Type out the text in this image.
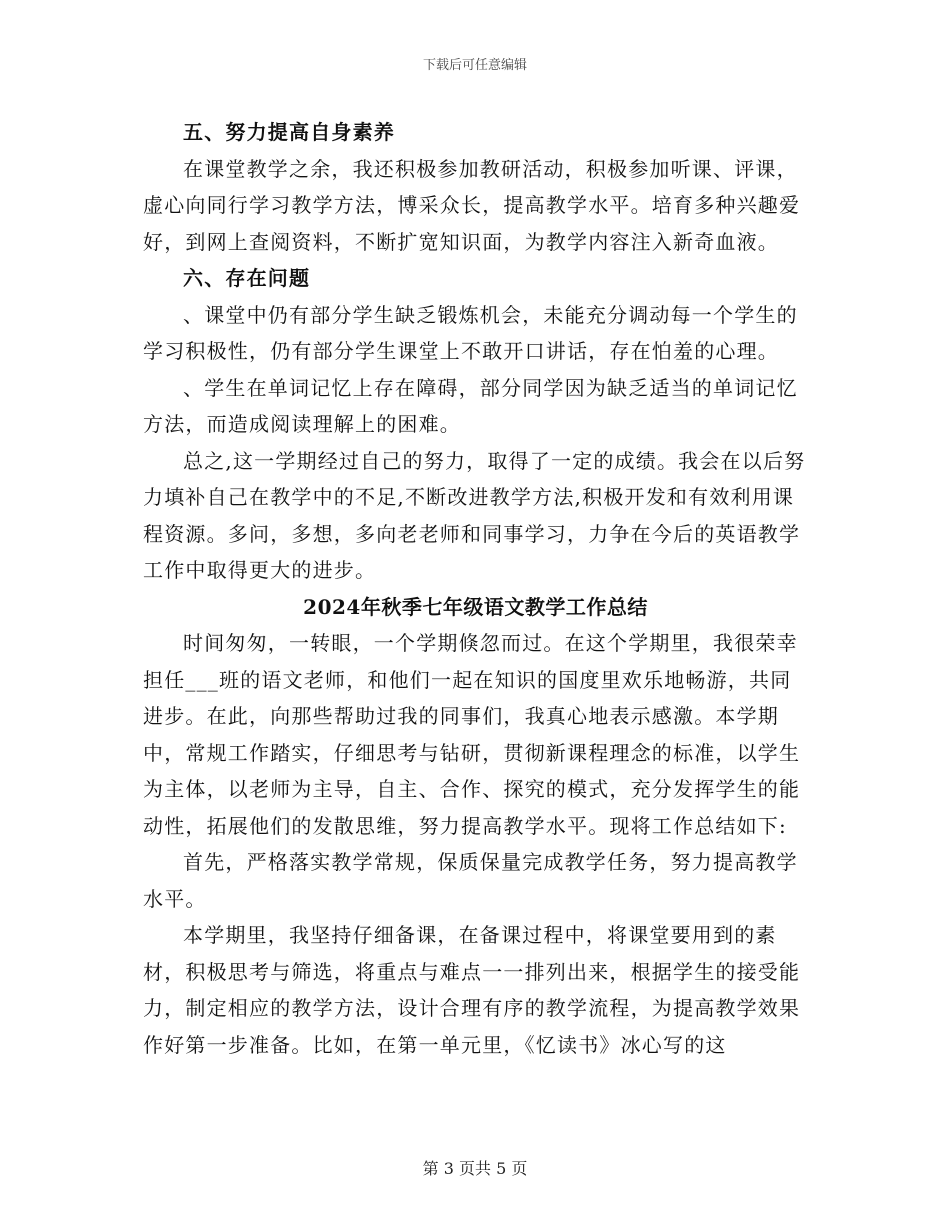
下载后可任意编辑
五、努力提高自身素养

在课堂教学之余，我还积极参加教研活动，积极参加听课、评课，虚心向同行学习教学方法，博采众长，提高教学水平。培育多种兴趣爱好，到网上查阅资料，不断扩宽知识面，为教学内容注入新奇血液。

六、存在问题

、课堂中仍有部分学生缺乏锻炼机会，未能充分调动每一个学生的学习积极性，仍有部分学生课堂上不敢开口讲话，存在怕羞的心理。

、学生在单词记忆上存在障碍，部分同学因为缺乏适当的单词记忆方法，而造成阅读理解上的困难。

总之,这一学期经过自己的努力，取得了一定的成绩。我会在以后努力填补自己在教学中的不足,不断改进教学方法,积极开发和有效利用课程资源。多问，多想，多向老老师和同事学习，力争在今后的英语教学工作中取得更大的进步。

2024年秋季七年级语文教学工作总结

时间匆匆，一转眼，一个学期倏忽而过。在这个学期里，我很荣幸担任___班的语文老师，和他们一起在知识的国度里欢乐地畅游，共同进步。在此，向那些帮助过我的同事们，我真心地表示感激。本学期中，常规工作踏实，仔细思考与钻研，贯彻新课程理念的标准，以学生为主体，以老师为主导，自主、合作、探究的模式，充分发挥学生的能动性，拓展他们的发散思维，努力提高教学水平。现将工作总结如下:

首先，严格落实教学常规，保质保量完成教学任务，努力提高教学水平。

本学期里，我坚持仔细备课，在备课过程中，将课堂要用到的素材，积极思考与筛选，将重点与难点一一排列出来，根据学生的接受能力，制定相应的教学方法，设计合理有序的教学流程，为提高教学效果作好第一步准备。比如，在第一单元里，《忆读书》冰心写的这

第 3 页共 5 页
